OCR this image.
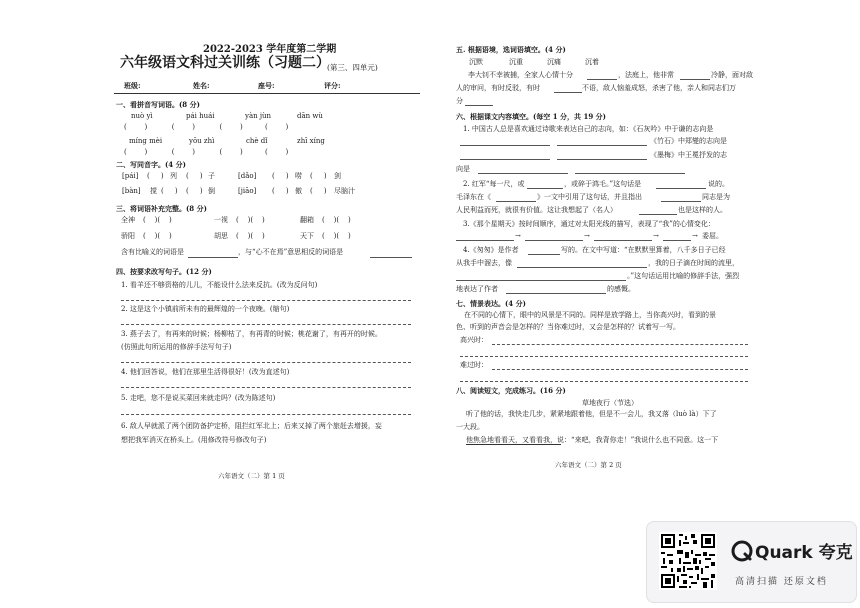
2022-2023 学年度第二学期
六年级语文科过关训练（习题二）
(第三、四单元)
班级:	姓名:	座号:	评分:
一、看拼音写词语。(8 分)
nuò yì	pái huái	yàn jùn	dān wù
(        )           (        )           (        )          (        )
míng mèi	yōu zhì	chè dǐ	zhī xíng
(        )           (        )           (        )          (        )
二、写同音字。(4 分)
[pái] (     ) 列 (     ) 子	[dǎo] (     ) 唠 (     ) 剑
[bàn] 搅 (     ) (     ) 倒	[jiāo] (     ) 傲 (     ) 尽脑汁
三、将词语补充完整。(8 分)
全神 (    )(    )	一视 (    )(    )	翻箱 (    )(    )
骄阳 (    )(    )	胡思 (    )(    )	天下 (    )(    )
含有比喻义的词语是	，与“心不在焉”意思相反的词语是
四、按要求改写句子。(12 分)
1. 看羊还不够资格的儿儿，不能设什么法来反抗。(改为反问句)
2. 这是这个小镇前所未有的最辉煌的一个夜晚。(缩句)
3. 燕子去了，有再来的时候；杨柳枯了，有再青的时候；桃花谢了，有再开的时候。
(仿照此句所运用的修辞手法写句子)
4. 他们回答说，他们在那里生活得很好！(改为直述句)
5. 走吧，您不是说买菜回来就走吗？(改为陈述句)
6. 敌人早就派了两个团防备护定桥，阻拦红军北上；后来又掉了两个旅赶去增援，妄
想把我军消灭在桥头上。(用修改符号修改句子)
六年语文（二）第 1 页
五. 根据语境，选词语填空。(4 分)
沉默	沉重	沉痛	沉着
李大钊不幸被捕，全家人心情十分	，法庭上，他非常	冷静，面对敌
人的审问，有时反驳，有时	不语，敌人恼羞成怒，杀害了他，亲人和同志们万
分
六、根据课文内容填空。(每空 1 分，共 19 分)
1. 中国古人总是喜欢通过诗歌来表达自己的志向，如：《石灰吟》中于谦的志向是
《竹石》中郑燮的志向是
《墨梅》中王冕抒发的志
向是
2. 红军“每一尺，或	，或碎于鸿毛。”这句话是	说的。
毛泽东在《	》一文中引用了这句话，并且指出	同志是为
人民利益而死，就很有价值。这让我想起了（名人）	也是这样的人。
3.《那个星期天》按时间顺序，通过对太阳光线的描写，表现了“我”的心情变化：
→	→	→	→ 委屈。
4.《匆匆》是作者	写的。在文中写道：“在默默里算着，八千多日子已经
从我手中溜去，像	，我的日子滴在时间的流里，
。”这句话运用比喻的修辞手法，强烈
地表达了作者	的感慨。
七、情景表达。(4 分)
在不同的心情下，眼中的风景是不同的。同样是放学路上，当你高兴时，看到的景
色、听到的声音会是怎样的？当你难过时，又会是怎样的？试着写一写。
高兴时：
难过时：
八、阅读短文，完成练习。(16 分)
草地夜行（节选）
听了他的话，我快走几步，紧紧地跟着他，但是不一会儿，我又落（luò là）下了
一大段。
他焦急地看看天，又看看我，说：“来吧，我背你走！”我说什么也不同意。这一下
六年语文（二）第 2 页
Quark 夸克
高清扫描 还原文档
